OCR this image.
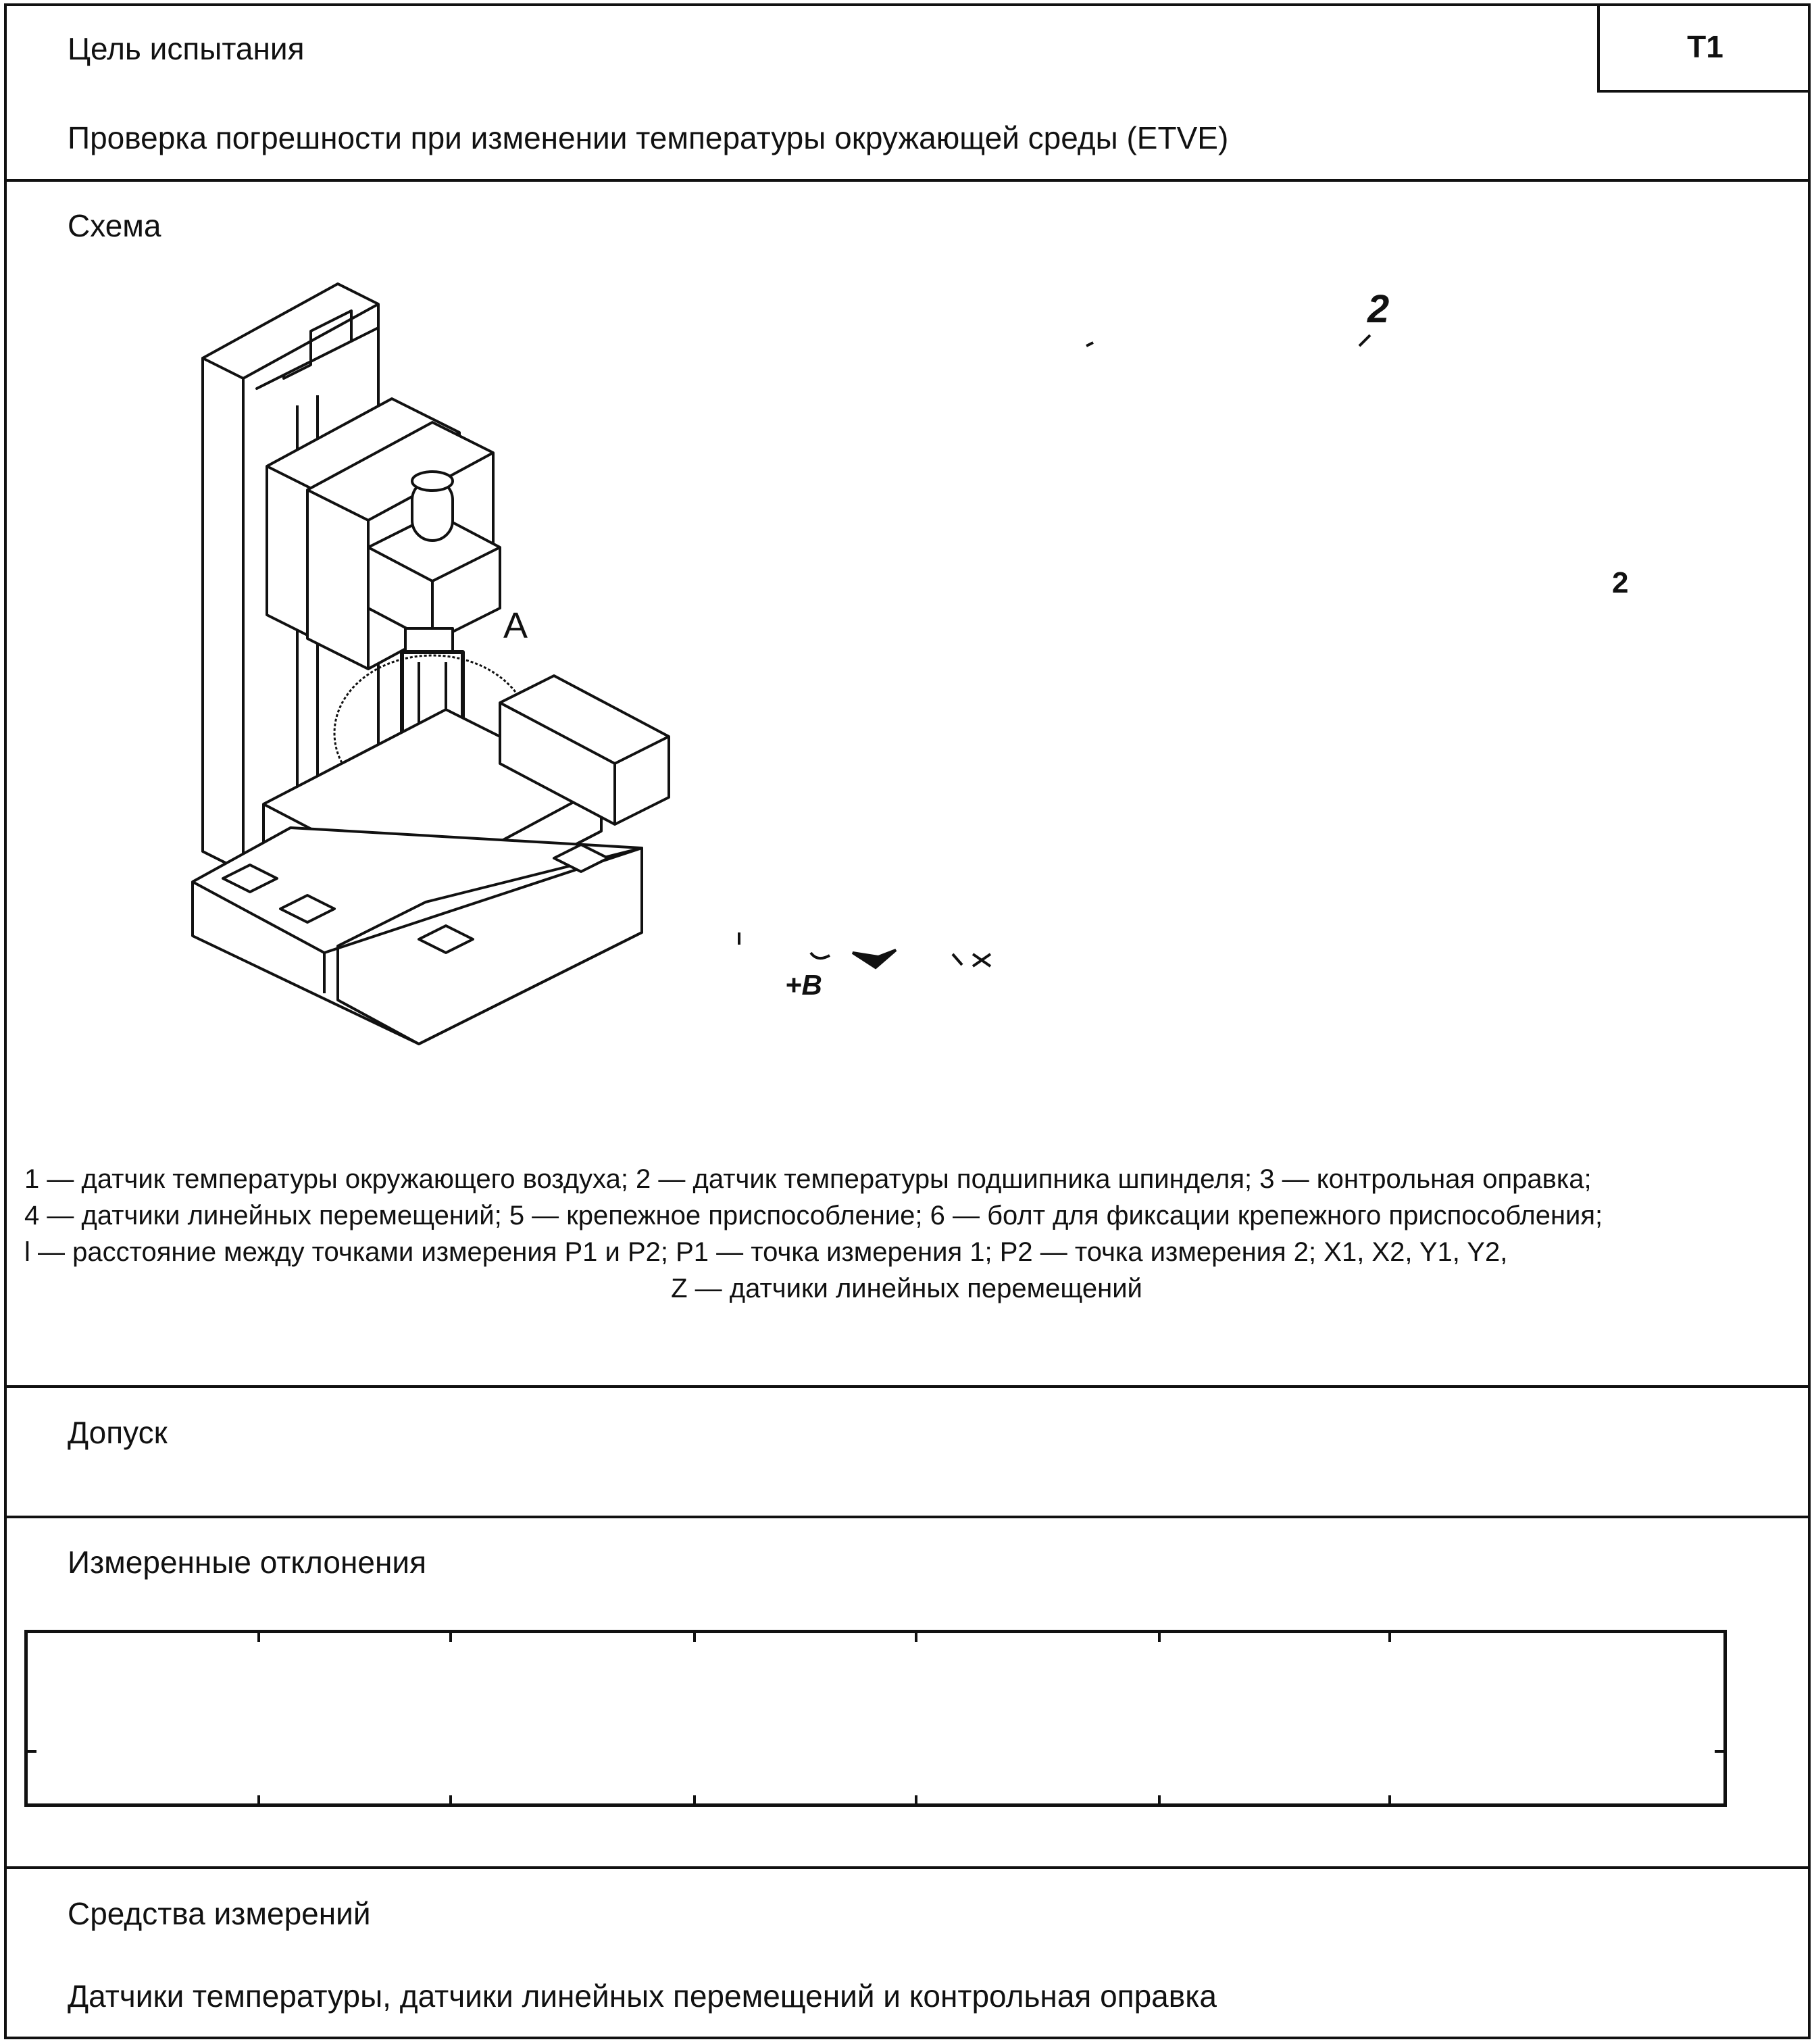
Цель испытания	T1
Проверка погрешности при изменении температуры окружающей среды (ETVE)
Схема
A
2
2
+B
1 — датчик температуры окружающего воздуха; 2 — датчик температуры подшипника шпинделя; 3 — контрольная оправка;
4 — датчики линейных перемещений; 5 — крепежное приспособление; 6 — болт для фиксации крепежного приспособления;
l — расстояние между точками измерения P1 и P2; P1 — точка измерения 1; P2 — точка измерения 2; X1, X2, Y1, Y2,
Z — датчики линейных перемещений
Допуск
Измеренные отклонения
Средства измерений
Датчики температуры, датчики линейных перемещений и контрольная оправка
